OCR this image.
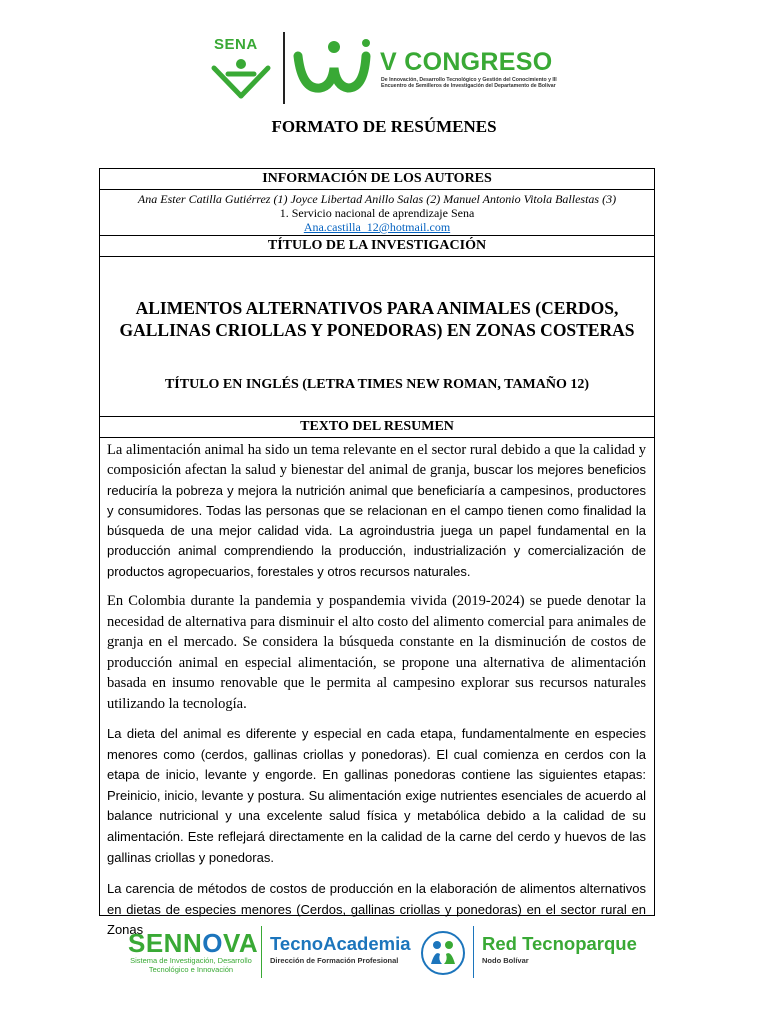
SENA
V CONGRESO
De Innovación, Desarrollo Tecnológico y Gestión del Conocimiento y III Encuentro de Semilleros de Investigación del Departamento de Bolívar
FORMATO DE RESÚMENES
INFORMACIÓN DE LOS AUTORES
Ana Ester Catilla Gutiérrez (1) Joyce Libertad Anillo Salas (2) Manuel Antonio Vitola Ballestas (3)
1. Servicio nacional de aprendizaje Sena
Ana.castilla_12@hotmail.com
TÍTULO DE LA INVESTIGACIÓN
ALIMENTOS ALTERNATIVOS PARA ANIMALES (CERDOS, GALLINAS CRIOLLAS Y PONEDORAS) EN ZONAS COSTERAS
TÍTULO EN INGLÉS (LETRA TIMES NEW ROMAN, TAMAÑO 12)
TEXTO DEL RESUMEN

La alimentación animal ha sido un tema relevante en el sector rural debido a que la calidad y composición afectan la salud y bienestar del animal de granja, buscar los mejores beneficios reduciría la pobreza y mejora la nutrición animal que beneficiaría a campesinos, productores y consumidores. Todas las personas que se relacionan en el campo tienen como finalidad la búsqueda de una mejor calidad vida. La agroindustria juega un papel fundamental en la producción animal comprendiendo la producción, industrialización y comercialización de productos agropecuarios, forestales y otros recursos naturales.

En Colombia durante la pandemia y pospandemia vivida (2019-2024) se puede denotar la necesidad de alternativa para disminuir el alto costo del alimento comercial para animales de granja en el mercado. Se considera la búsqueda constante en la disminución de costos de producción animal en especial alimentación, se propone una alternativa de alimentación basada en insumo renovable que le permita al campesino explorar sus recursos naturales utilizando la tecnología.

La dieta del animal es diferente y especial en cada etapa, fundamentalmente en especies menores como (cerdos, gallinas criollas y ponedoras). El cual comienza en cerdos con la etapa de inicio, levante y engorde. En gallinas ponedoras contiene las siguientes etapas: Preinicio, inicio, levante y postura. Su alimentación exige nutrientes esenciales de acuerdo al balance nutricional y una excelente salud física y metabólica debido a la calidad de su alimentación. Este reflejará directamente en la calidad de la carne del cerdo y huevos de las gallinas criollas y ponedoras.

La carencia de métodos de costos de producción en la elaboración de alimentos alternativos en dietas de especies menores (Cerdos, gallinas criollas y ponedoras) en el sector rural en Zonas

SENNOVA
Sistema de Investigación, Desarrollo Tecnológico e Innovación
TecnoAcademia
Dirección de Formación Profesional
Red Tecnoparque
Nodo Bolívar
